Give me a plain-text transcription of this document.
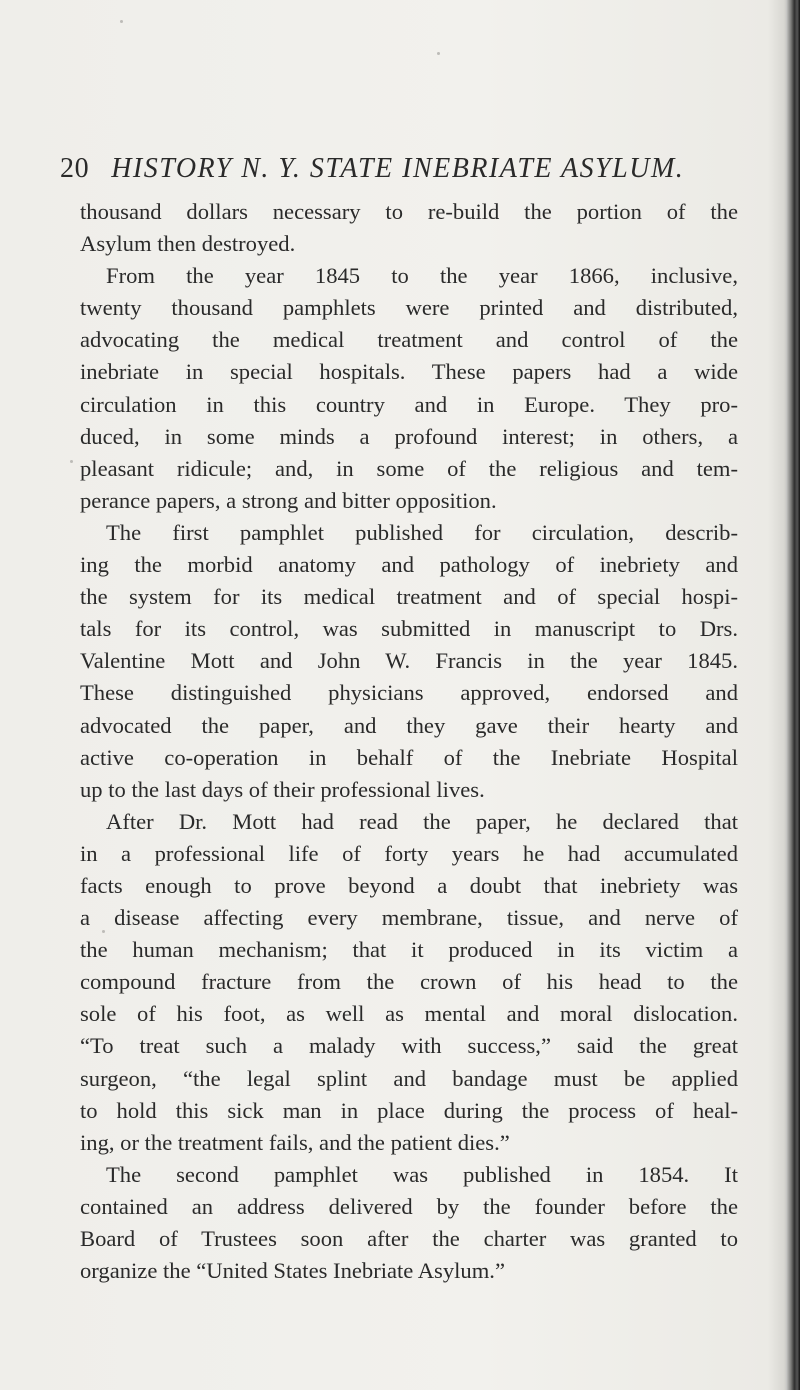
20 HISTORY N. Y. STATE INEBRIATE ASYLUM.
thousand dollars necessary to re-build the portion of the
Asylum then destroyed.
From the year 1845 to the year 1866, inclusive,
twenty thousand pamphlets were printed and distributed,
advocating the medical treatment and control of the
inebriate in special hospitals. These papers had a wide
circulation in this country and in Europe. They pro-
duced, in some minds a profound interest; in others, a
pleasant ridicule; and, in some of the religious and tem-
perance papers, a strong and bitter opposition.
The first pamphlet published for circulation, describ-
ing the morbid anatomy and pathology of inebriety and
the system for its medical treatment and of special hospi-
tals for its control, was submitted in manuscript to Drs.
Valentine Mott and John W. Francis in the year 1845.
These distinguished physicians approved, endorsed and
advocated the paper, and they gave their hearty and
active co-operation in behalf of the Inebriate Hospital
up to the last days of their professional lives.
After Dr. Mott had read the paper, he declared that
in a professional life of forty years he had accumulated
facts enough to prove beyond a doubt that inebriety was
a disease affecting every membrane, tissue, and nerve of
the human mechanism; that it produced in its victim a
compound fracture from the crown of his head to the
sole of his foot, as well as mental and moral dislocation.
“To treat such a malady with success,” said the great
surgeon, “the legal splint and bandage must be applied
to hold this sick man in place during the process of heal-
ing, or the treatment fails, and the patient dies.”
The second pamphlet was published in 1854. It
contained an address delivered by the founder before the
Board of Trustees soon after the charter was granted to
organize the “United States Inebriate Asylum.”
